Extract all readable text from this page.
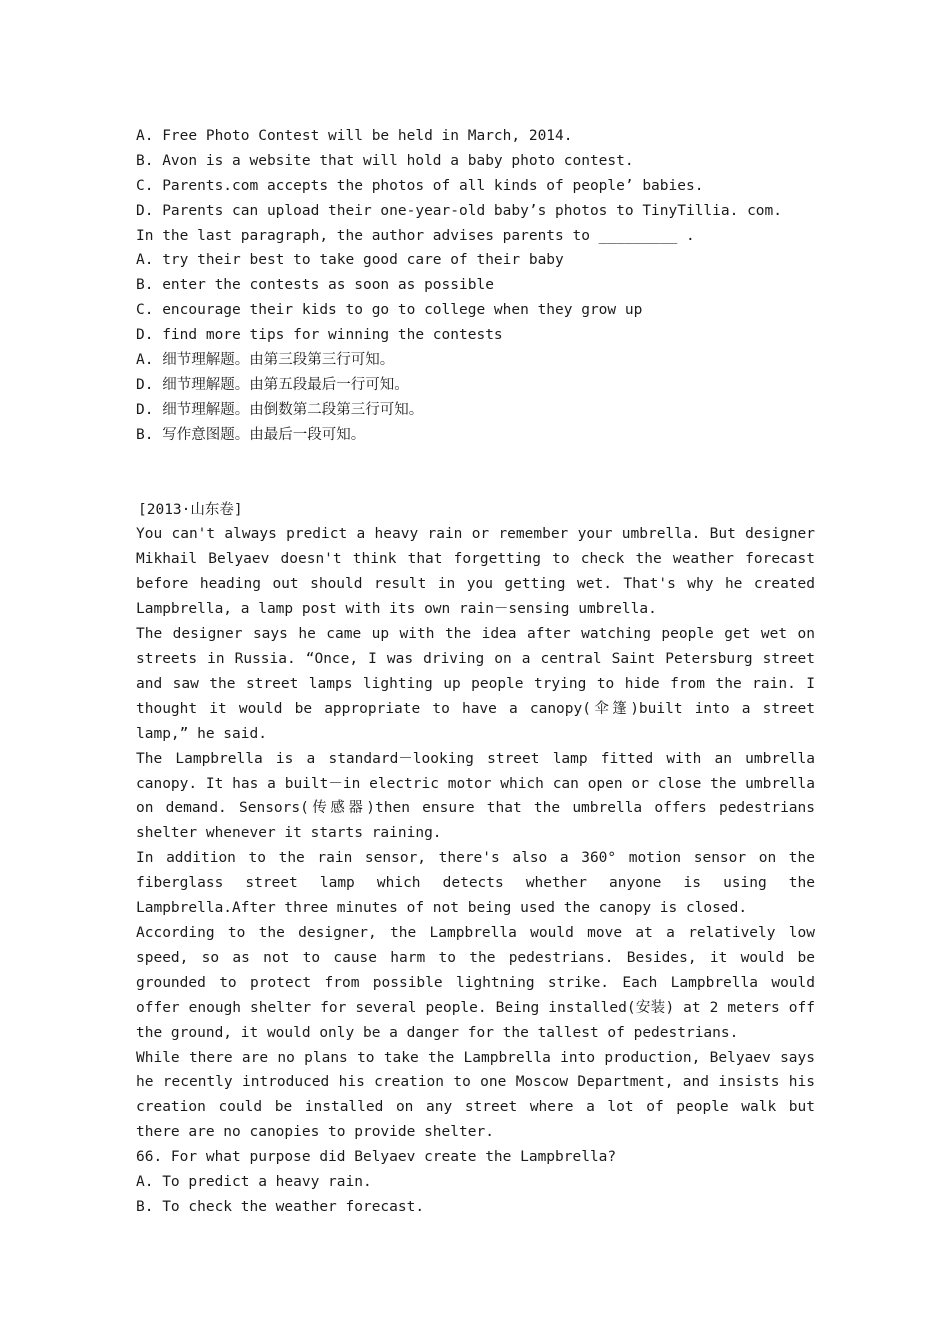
A. Free Photo Contest will be held in March, 2014.
B. Avon is a website that will hold a baby photo contest.
C. Parents.com accepts the photos of all kinds of people’ babies.
D. Parents can upload their one-year-old baby’s photos to TinyTillia. com.
In the last paragraph, the author advises parents to _________ .
A. try their best to take good care of their baby
B. enter the contests as soon as possible
C. encourage their kids to go to college when they grow up
D. find more tips for winning the contests
A. 细节理解题。由第三段第三行可知。
D. 细节理解题。由第五段最后一行可知。
D. 细节理解题。由倒数第二段第三行可知。
B. 写作意图题。由最后一段可知。
[2013·山东卷]

You can't always predict a heavy rain or remember your umbrella. But designer Mikhail Belyaev doesn't think that forgetting to check the weather forecast before heading out should result in you getting wet. That's why he created Lampbrella, a lamp post with its own rain－sensing umbrella.

The designer says he came up with the idea after watching people get wet on streets in Russia. “Once, I was driving on a central Saint Petersburg street and saw the street lamps lighting up people trying to hide from the rain. I thought it would be appropriate to have a canopy(伞篷)built into a street lamp,” he said.

The Lampbrella is a standard－looking street lamp fitted with an umbrella canopy. It has a built－in electric motor which can open or close the umbrella on demand. Sensors(传感器)then ensure that the umbrella offers pedestrians shelter whenever it starts raining.

In addition to the rain sensor, there's also a 360° motion sensor on the fiberglass street lamp which detects whether anyone is using the Lampbrella.After three minutes of not being used the canopy is closed.

According to the designer, the Lampbrella would move at a relatively low speed, so as not to cause harm to the pedestrians. Besides, it would be grounded to protect from possible lightning strike. Each Lampbrella would offer enough shelter for several people. Being installed(安装) at 2 meters off the ground, it would only be a danger for the tallest of pedestrians.

While there are no plans to take the Lampbrella into production, Belyaev says he recently introduced his creation to one Moscow Department, and insists his creation could be installed on any street where a lot of people walk but there are no canopies to provide shelter.

66. For what purpose did Belyaev create the Lampbrella?
A. To predict a heavy rain.
B. To check the weather forecast.
